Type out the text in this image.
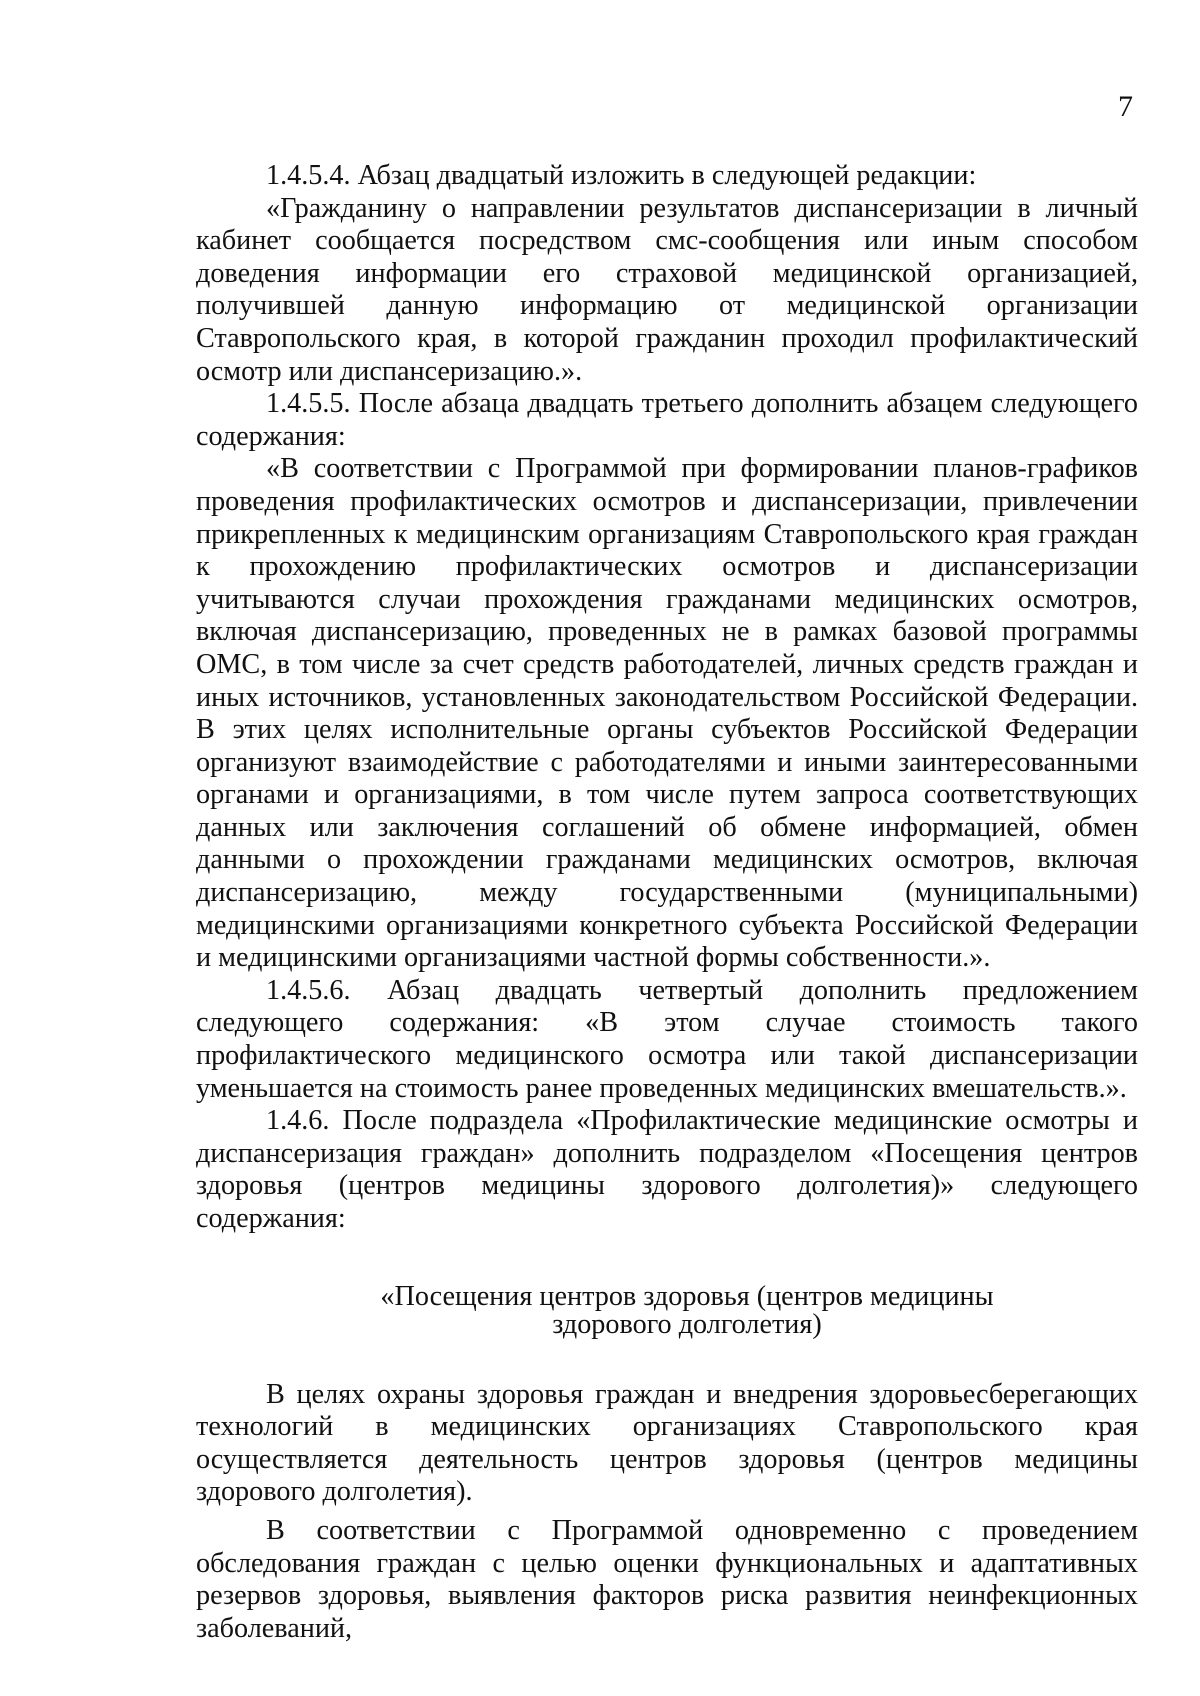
7

1.4.5.4. Абзац двадцатый изложить в следующей редакции:

«Гражданину о направлении результатов диспансеризации в личный кабинет сообщается посредством смс-сообщения или иным способом доведения информации его страховой медицинской организацией, получившей данную информацию от медицинской организации Ставропольского края, в которой гражданин проходил профилактический осмотр или диспансеризацию.».

1.4.5.5. После абзаца двадцать третьего дополнить абзацем следующего содержания:

«В соответствии с Программой при формировании планов-графиков проведения профилактических осмотров и диспансеризации, привлечении прикрепленных к медицинским организациям Ставропольского края граждан к прохождению профилактических осмотров и диспансеризации учитываются случаи прохождения гражданами медицинских осмотров, включая диспансеризацию, проведенных не в рамках базовой программы ОМС, в том числе за счет средств работодателей, личных средств граждан и иных источников, установленных законодательством Российской Федерации. В этих целях исполнительные органы субъектов Российской Федерации организуют взаимодействие с работодателями и иными заинтересованными органами и организациями, в том числе путем запроса соответствующих данных или заключения соглашений об обмене информацией, обмен данными о прохождении гражданами медицинских осмотров, включая диспансеризацию, между государственными (муниципальными) медицинскими организациями конкретного субъекта Российской Федерации и медицинскими организациями частной формы собственности.».

1.4.5.6. Абзац двадцать четвертый дополнить предложением следующего содержания: «В этом случае стоимость такого профилактического медицинского осмотра или такой диспансеризации уменьшается на стоимость ранее проведенных медицинских вмешательств.».

1.4.6. После подраздела «Профилактические медицинские осмотры и диспансеризация граждан» дополнить подразделом «Посещения центров здоровья (центров медицины здорового долголетия)» следующего содержания:

«Посещения центров здоровья (центров медицины
здорового долголетия)

В целях охраны здоровья граждан и внедрения здоровьесберегающих технологий в медицинских организациях Ставропольского края осуществляется деятельность центров здоровья (центров медицины здорового долголетия).

В соответствии с Программой одновременно с проведением обследования граждан с целью оценки функциональных и адаптативных резервов здоровья, выявления факторов риска развития неинфекционных заболеваний,
